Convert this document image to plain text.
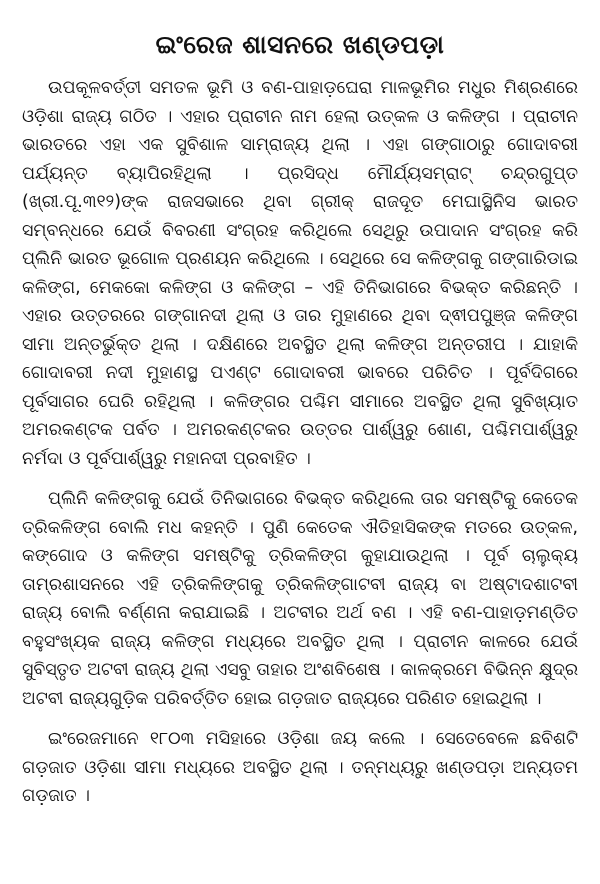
ଇଂରେଜ ଶାସନରେ ଖଣ୍ଡପଡ଼ା

ଉପକୂଳବର୍ତ୍ତୀ ସମତଳ ଭୂମି ଓ ବଣ-ପାହାଡ଼ଘେରା ମାଳଭୂମିର ମଧୁର ମିଶ୍ରଣରେ ଓଡ଼ିଶା ରାଜ୍ୟ ଗଠିତ । ଏହାର ପ୍ରାଚୀନ ନାମ ହେଲା ଉତ୍କଳ ଓ କଳିଙ୍ଗ । ପ୍ରାଚୀନ ଭାରତରେ ଏହା ଏକ ସୁବିଶାଳ ସାମ୍ରାଜ୍ୟ ଥିଲା । ଏହା ଗଙ୍ଗାଠାରୁ ଗୋଦାବରୀ ପର୍ଯ୍ୟନ୍ତ ବ୍ୟାପିରହିଥିଲା । ପ୍ରସିଦ୍ଧ ମୌର୍ଯ୍ୟସମ୍ରାଟ୍ ଚନ୍ଦ୍ରଗୁପ୍ତ (ଖ୍ରୀ.ପୂ.୩୧୨)ଙ୍କ ରାଜସଭାରେ ଥିବା ଗ୍ରୀକ୍ ରାଜଦୂତ ମେଘାସ୍ଥିନିସ ଭାରତ ସମ୍ବନ୍ଧରେ ଯେଉଁ ବିବରଣୀ ସଂଗ୍ରହ କରିଥିଲେ ସେଥିରୁ ଉପାଦାନ ସଂଗ୍ରହ କରି ପ୍ଲିନି ଭାରତ ଭୂଗୋଳ ପ୍ରଣୟନ କରିଥିଲେ । ସେଥିରେ ସେ କଳିଙ୍ଗକୁ ଗଙ୍ଗାରିଡାଇ କଳିଙ୍ଗ, ମେକକୋ କଳିଙ୍ଗ ଓ କଳିଙ୍ଗ – ଏହି ତିନିଭାଗରେ ବିଭକ୍ତ କରିଛନ୍ତି । ଏହାର ଉତ୍ତରରେ ଗଙ୍ଗାନଦୀ ଥିଲା ଓ ତାର ମୁହାଣରେ ଥିବା ଦ୍ଵୀପପୁଞ୍ଜ କଳିଙ୍ଗ ସୀମା ଅନ୍ତର୍ଭୁକ୍ତ ଥିଲା । ଦକ୍ଷିଣରେ ଅବସ୍ଥିତ ଥିଲା କଳିଙ୍ଗ ଅନ୍ତରୀପ । ଯାହାକି ଗୋଦାବରୀ ନଦୀ ମୁହାଣସ୍ଥ ପଏଣ୍ଟ ଗୋଦାବରୀ ଭାବରେ ପରିଚିତ । ପୂର୍ବଦିଗରେ ପୂର୍ବସାଗର ଘେରି ରହିଥିଲା । କଳିଙ୍ଗର ପଶ୍ଚିମ ସୀମାରେ ଅବସ୍ଥିତ ଥିଲା ସୁବିଖ୍ୟାତ ଅମରକଣ୍ଟକ ପର୍ବତ । ଅମରକଣ୍ଟକର ଉତ୍ତର ପାର୍ଶ୍ୱରୁ ଶୋଣ, ପଶ୍ଚିମପାର୍ଶ୍ୱରୁ ନର୍ମଦା ଓ ପୂର୍ବପାର୍ଶ୍ୱରୁ ମହାନଦୀ ପ୍ରବାହିତ ।

ପ୍ଲିନି କଳିଙ୍ଗକୁ ଯେଉଁ ତିନିଭାଗରେ ବିଭକ୍ତ କରିଥିଲେ ତାର ସମଷ୍ଟିକୁ କେତେକ ତ୍ରିକଳିଙ୍ଗ ବୋଲି ମଧ କହନ୍ତି । ପୁଣି କେତେକ ଐତିହାସିକଙ୍କ ମତରେ ଉତ୍କଳ, କଙ୍ଗୋଦ ଓ କଳିଙ୍ଗ ସମଷ୍ଟିକୁ ତ୍ରିକଳିଙ୍ଗ କୁହାଯାଉଥିଲା । ପୂର୍ବ ଚାଲୁକ୍ୟ ତାମ୍ରଶାସନରେ ଏହି ତ୍ରିକଳିଙ୍ଗକୁ ତ୍ରିକଳିଙ୍ଗାଟବୀ ରାଜ୍ୟ ବା ଅଷ୍ଟାଦଶାଟବୀ ରାଜ୍ୟ ବୋଲି ବର୍ଣ୍ଣନା କରାଯାଇଛି । ଅଟବୀର ଅର୍ଥ ବଣ । ଏହି ବଣ-ପାହାଡ଼ମଣ୍ଡିତ ବହୁସଂଖ୍ୟକ ରାଜ୍ୟ କଳିଙ୍ଗ ମଧ୍ୟରେ ଅବସ୍ଥିତ ଥିଲା । ପ୍ରାଚୀନ କାଳରେ ଯେଉଁ ସୁବିସ୍ତୃତ ଅଟବୀ ରାଜ୍ୟ ଥିଲା ଏସବୁ ତାହାର ଅଂଶବିଶେଷ । କାଳକ୍ରମେ ବିଭିନ୍ନ କ୍ଷୁଦ୍ର ଅଟବୀ ରାଜ୍ୟଗୁଡ଼ିକ ପରିବର୍ତ୍ତିତ ହୋଇ ଗଡ଼ଜାତ ରାଜ୍ୟରେ ପରିଣତ ହୋଇଥିଲା ।

ଇଂରେଜମାନେ ୧୮୦୩ ମସିହାରେ ଓଡ଼ିଶା ଜୟ କଲେ । ସେତେବେଳେ ଛବିଶଟି ଗଡ଼ଜାତ ଓଡ଼ିଶା ସୀମା ମଧ୍ୟରେ ଅବସ୍ଥିତ ଥିଲା । ତନ୍ମଧ୍ୟରୁ ଖଣ୍ଡପଡ଼ା ଅନ୍ୟତମ ଗଡ଼ଜାତ ।
